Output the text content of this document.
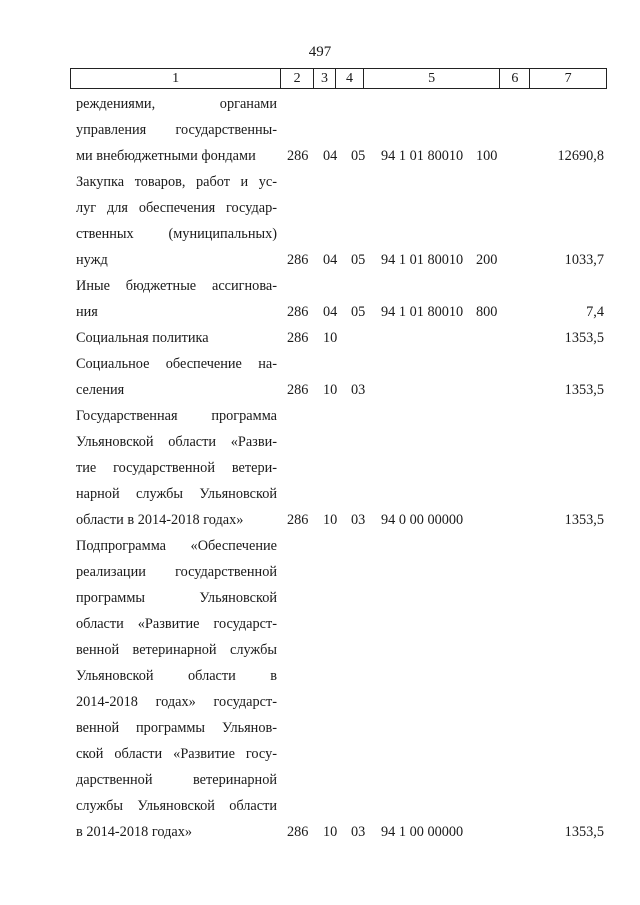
497
1	2	3	4	5	6	7
реждениями, органами
управления государственны-
ми внебюджетными фондами	286 04 05 94 1 01 80010 100	12690,8
Закупка товаров, работ и ус-
луг для обеспечения государ-
ственных (муниципальных)
нужд	286 04 05 94 1 01 80010 200	1033,7
Иные бюджетные ассигнова-
ния	286 04 05 94 1 01 80010 800	7,4
Социальная политика	286 10	1353,5
Социальное обеспечение на-
селения	286 10 03	1353,5
Государственная программа
Ульяновской области «Разви-
тие государственной ветери-
нарной службы Ульяновской
области в 2014-2018 годах»	286 10 03 94 0 00 00000	1353,5
Подпрограмма «Обеспечение
реализации государственной
программы Ульяновской
области «Развитие государст-
венной ветеринарной службы
Ульяновской области в
2014-2018 годах» государст-
венной программы Ульянов-
ской области «Развитие госу-
дарственной ветеринарной
службы Ульяновской области
в 2014-2018 годах»	286 10 03 94 1 00 00000	1353,5
